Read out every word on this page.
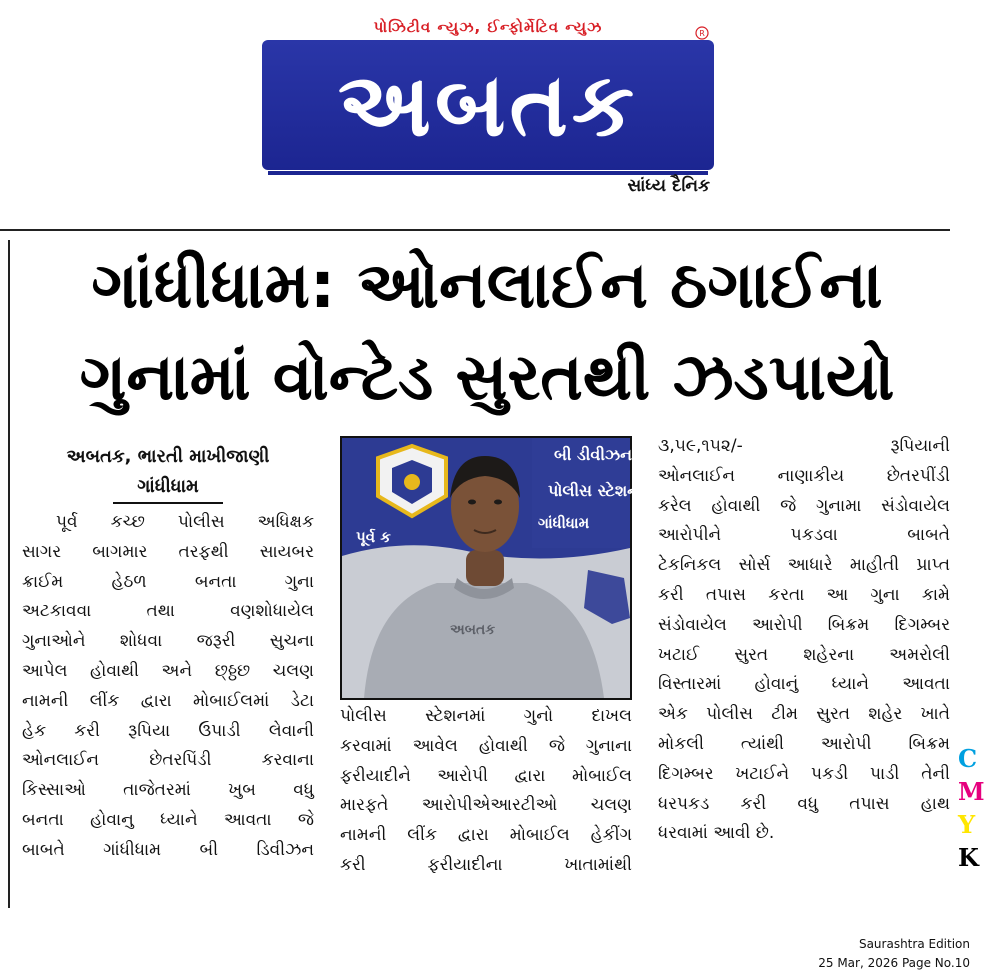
પોઝિટીવ ન્યુઝ, ઈન્ફોર્મેટિવ ન્યુઝ	R
અબતક
સાંધ્ય દૈનિક
ગાંધીધામ: ઓનલાઈન ઠગાઈના
ગુનામાં વોન્ટેડ સુરતથી ઝડપાયો
અબતક, ભારતી માખીજાણી
ગાંધીધામ

પૂર્વ કચ્છ પોલીસ અધિક્ષક

સાગર બાગમાર તરફથી સાયબર

ક્રાઈમ હેઠળ બનતા ગુના

અટકાવવા તથા વણશોધાયેલ

ગુનાઓને શોધવા જરૂરી સુચના

આપેલ હોવાથી અને છ્ઠ્ઠછ ચલણ

નામની લીંક દ્વારા મોબાઈલમાં ડેટા

હેક કરી રૂપિયા ઉપાડી લેવાની

ઓનલાઈન છેતરપિંડી કરવાના

કિસ્સાઓ તાજેતરમાં ખુબ વધુ

બનતા હોવાનુ ધ્યાને આવતા જે

બાબતે ગાંધીધામ બી ડિવીઝન

બી ડીવીઝન
પોલીસ સ્ટેશન
ગાંધીધામ
પૂર્વ ક
અબતક

પોલીસ સ્ટેશનમાં ગુનો દાખલ

કરવામાં આવેલ હોવાથી જે ગુનાના

ફરીયાદીને આરોપી દ્વારા મોબાઈલ

મારફતે આરોપીએઆરટીઓ ચલણ

નામની લીંક દ્વારા મોબાઈલ હેકીંગ

કરી ફરીયાદીના ખાતામાંથી

૩,૫૯,૧૫૨/- રૂપિયાની

ઓનલાઈન નાણાકીય છેતરપીંડી

કરેલ હોવાથી જે ગુનામા સંડોવાયેલ

આરોપીને પકડવા બાબતે

ટેકનિકલ સોર્સ આધારે માહીતી પ્રાપ્ત

કરી તપાસ કરતા આ ગુના કામે

સંડોવાયેલ આરોપી બિક્રમ દિગમ્બર

ખટાઈ સુરત શહેરના અમરોલી

વિસ્તારમાં હોવાનું ધ્યાને આવતા

એક પોલીસ ટીમ સુરત શહેર ખાતે

મોકલી ત્યાંથી આરોપી બિક્રમ

દિગમ્બર ખટાઈને પકડી પાડી તેની

ધરપકડ કરી વધુ તપાસ હાથ

ધરવામાં આવી છે.

C
M
Y
K
Saurashtra Edition
25 Mar, 2026 Page No.10
